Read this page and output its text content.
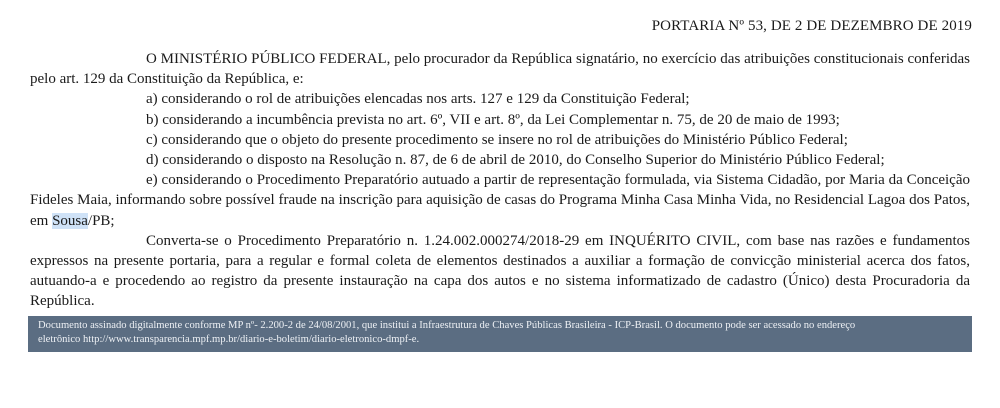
PORTARIA Nº 53, DE 2 DE DEZEMBRO DE 2019

O MINISTÉRIO PÚBLICO FEDERAL, pelo procurador da República signatário, no exercício das atribuições constitucionais conferidas pelo art. 129 da Constituição da República, e:

a) considerando o rol de atribuições elencadas nos arts. 127 e 129 da Constituição Federal;

b) considerando a incumbência prevista no art. 6º, VII e art. 8º, da Lei Complementar n. 75, de 20 de maio de 1993;

c) considerando que o objeto do presente procedimento se insere no rol de atribuições do Ministério Público Federal;

d) considerando o disposto na Resolução n. 87, de 6 de abril de 2010, do Conselho Superior do Ministério Público Federal;

e) considerando o Procedimento Preparatório autuado a partir de representação formulada, via Sistema Cidadão, por Maria da Conceição Fideles Maia, informando sobre possível fraude na inscrição para aquisição de casas do Programa Minha Casa Minha Vida, no Residencial Lagoa dos Patos, em Sousa/PB;

Converta-se o Procedimento Preparatório n. 1.24.002.000274/2018-29 em INQUÉRITO CIVIL, com base nas razões e fundamentos expressos na presente portaria, para a regular e formal coleta de elementos destinados a auxiliar a formação de convicção ministerial acerca dos fatos, autuando-a e procedendo ao registro da presente instauração na capa dos autos e no sistema informatizado de cadastro (Único) desta Procuradoria da República.

Documento assinado digitalmente conforme MP nº- 2.200-2 de 24/08/2001, que institui a Infraestrutura de Chaves Públicas Brasileira - ICP-Brasil. O documento pode ser acessado no endereço
eletrônico http://www.transparencia.mpf.mp.br/diario-e-boletim/diario-eletronico-dmpf-e.
